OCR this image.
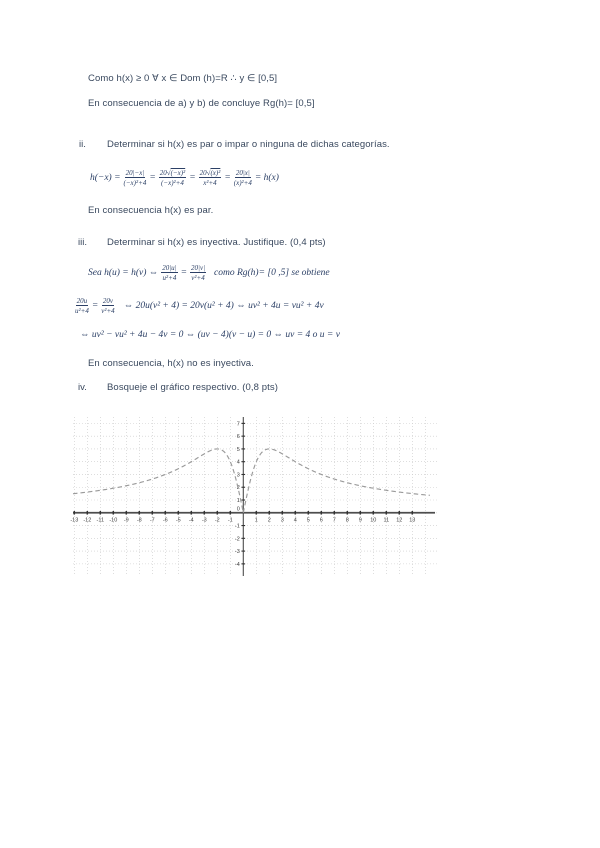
Como h(x) ≥ 0 ∀ x ∈ Dom (h)=R ∴ y ∈ [0,5]
En consecuencia de a) y b) de concluye Rg(h)= [0,5]
ii. Determinar si h(x) es par o impar o ninguna de dichas categorías.
$h(-x) = \frac{20|-x|}{\text{(−x)²+4}} = \frac{\text{20√(−x)²}}{\text{(−x)²+4}} = \frac{\text{20√(x)²}}{\text{x²+4}} = \frac{20|x|}{\text{(x)²+4}} = h(x)$
En consecuencia h(x) es par.
iii. Determinar si h(x) es inyectiva. Justifique. (0,4 pts)
Sea h(u) = h(v) ⇔ $\frac{20|u|}{\text{u²+4}} = \frac{20|v|}{\text{v²+4}}$ como Rg(h)= [0 ,5] se obtiene
$\frac{20u}{\text{u²+4}} = \frac{20v}{\text{v²+4}}$ ⇔ 20u(v² + 4) = 20v(u² + 4) ⇔ uv² + 4u = vu² + 4v
⇔ uv² − vu² + 4u − 4v = 0 ⇔ (uv − 4)(v − u) = 0 ⇔ uv = 4 o u = v
En consecuencia, h(x) no es inyectiva.
iv. Bosqueje el gráfico respectivo. (0,8 pts)
-13 -12 -11 -10 -9 -8 -7 -6 -5 -4 -3 -2 -1	1 2 3 4 5 6 7 8 9 10 11 12 13
-4
-3
-2
-1
1
2
3
4
5
6
7
0
